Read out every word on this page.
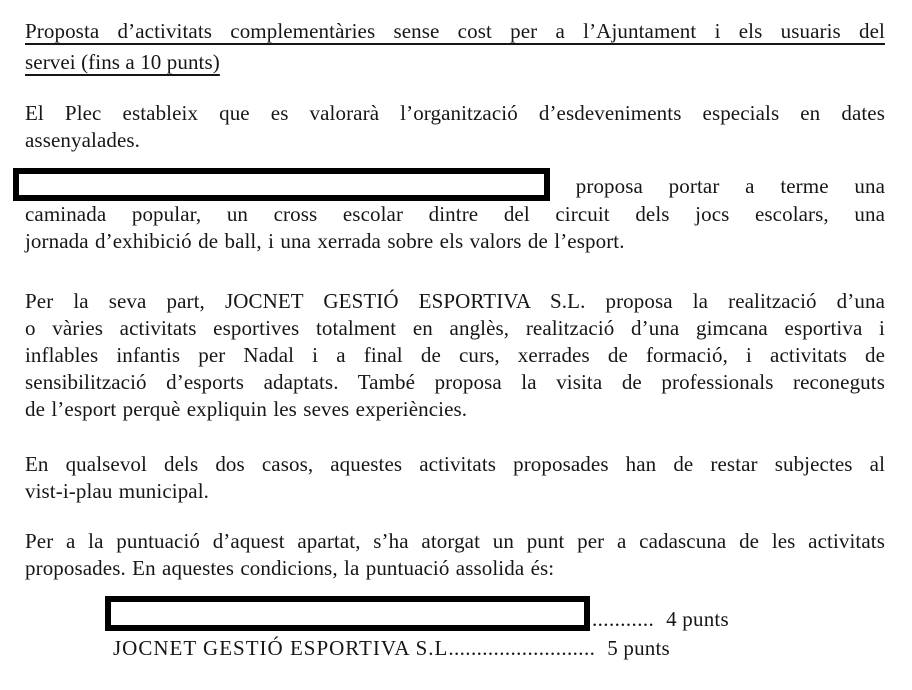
Proposta d’activitats complementàries sense cost per a l’Ajuntament i els usuaris del
servei (fins a 10 punts)
El Plec estableix que es valorarà l’organització d’esdeveniments especials en dates
assenyalades.
proposa portar a terme una
caminada popular, un cross escolar dintre del circuit dels jocs escolars, una
jornada d’exhibició de ball, i una xerrada sobre els valors de l’esport.
Per la seva part, JOCNET GESTIÓ ESPORTIVA S.L. proposa la realització d’una
o vàries activitats esportives totalment en anglès, realització d’una gimcana esportiva i
inflables infantis per Nadal i a final de curs, xerrades de formació, i activitats de
sensibilització d’esports adaptats. També proposa la visita de professionals reconeguts
de l’esport perquè expliquin les seves experiències.
En qualsevol dels dos casos, aquestes activitats proposades han de restar subjectes al
vist-i-plau municipal.
Per a la puntuació d’aquest apartat, s’ha atorgat un punt per a cadascuna de les activitats
proposades. En aquestes condicions, la puntuació assolida és:
........... 4 punts
JOCNET GESTIÓ ESPORTIVA S.L.......................... 5 punts
